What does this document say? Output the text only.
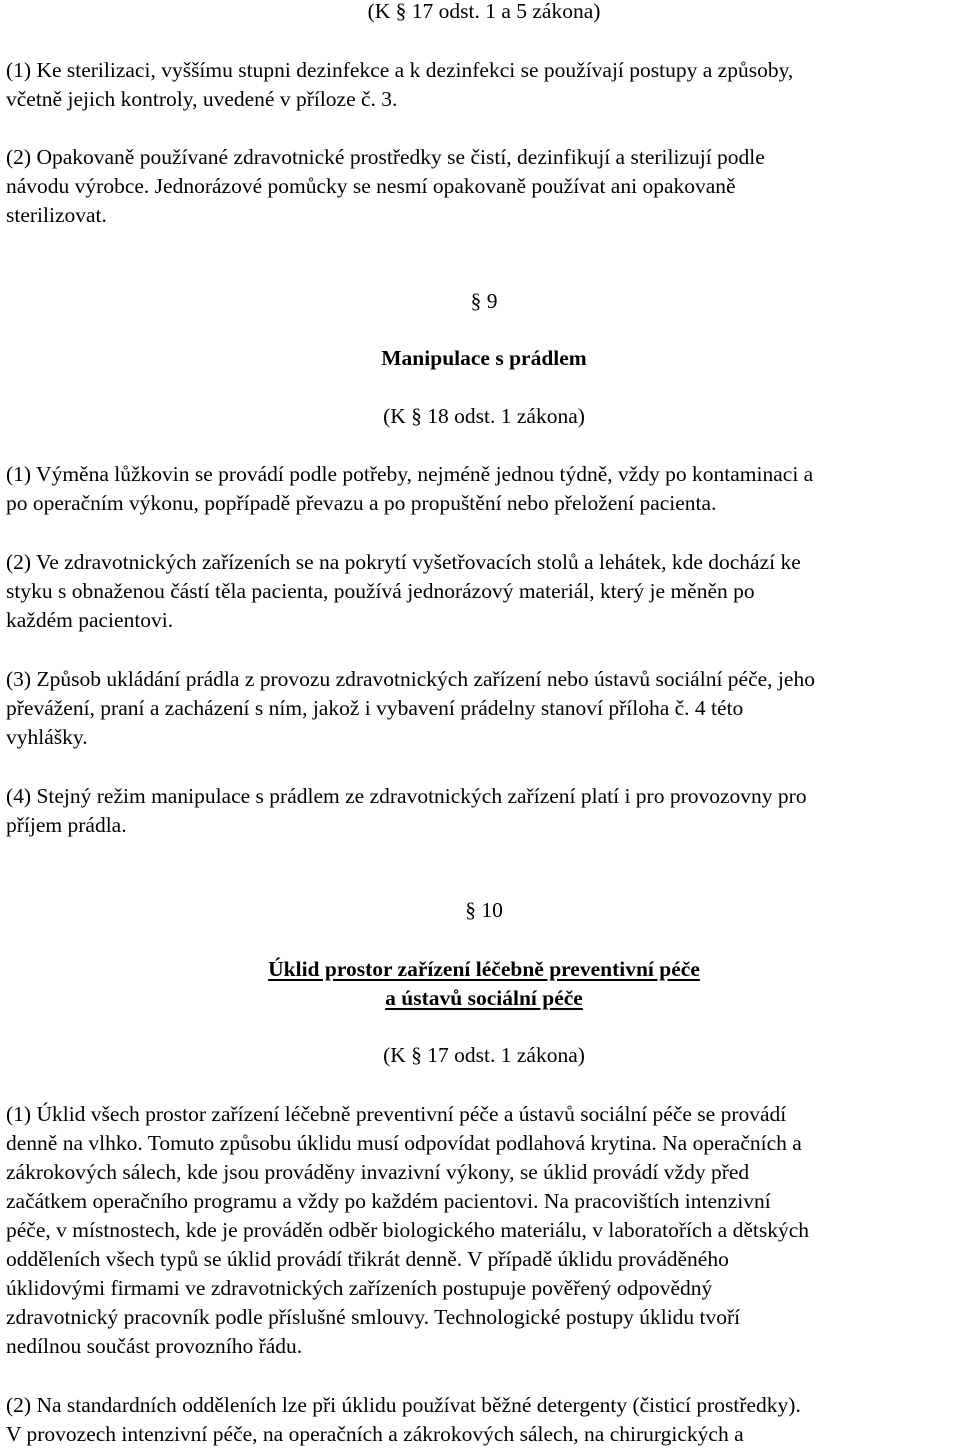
(K § 17 odst. 1 a 5 zákona)
(1) Ke sterilizaci, vyššímu stupni dezinfekce a k dezinfekci se používají postupy a způsoby,
včetně jejich kontroly, uvedené v příloze č. 3.
(2) Opakovaně používané zdravotnické prostředky se čistí, dezinfikují a sterilizují podle
návodu výrobce. Jednorázové pomůcky se nesmí opakovaně používat ani opakovaně
sterilizovat.
§ 9
Manipulace s prádlem
(K § 18 odst. 1 zákona)
(1) Výměna lůžkovin se provádí podle potřeby, nejméně jednou týdně, vždy po kontaminaci a
po operačním výkonu, popřípadě převazu a po propuštění nebo přeložení pacienta.
(2) Ve zdravotnických zařízeních se na pokrytí vyšetřovacích stolů a lehátek, kde dochází ke
styku s obnaženou částí těla pacienta, používá jednorázový materiál, který je měněn po
každém pacientovi.
(3) Způsob ukládání prádla z provozu zdravotnických zařízení nebo ústavů sociální péče, jeho
převážení, praní a zacházení s ním, jakož i vybavení prádelny stanoví příloha č. 4 této
vyhlášky.
(4) Stejný režim manipulace s prádlem ze zdravotnických zařízení platí i pro provozovny pro
příjem prádla.
§ 10
Úklid prostor zařízení léčebně preventivní péče
a ústavů sociální péče
(K § 17 odst. 1 zákona)
(1) Úklid všech prostor zařízení léčebně preventivní péče a ústavů sociální péče se provádí
denně na vlhko. Tomuto způsobu úklidu musí odpovídat podlahová krytina. Na operačních a
zákrokových sálech, kde jsou prováděny invazivní výkony, se úklid provádí vždy před
začátkem operačního programu a vždy po každém pacientovi. Na pracovištích intenzivní
péče, v místnostech, kde je prováděn odběr biologického materiálu, v laboratořích a dětských
odděleních všech typů se úklid provádí třikrát denně. V případě úklidu prováděného
úklidovými firmami ve zdravotnických zařízeních postupuje pověřený odpovědný
zdravotnický pracovník podle příslušné smlouvy. Technologické postupy úklidu tvoří
nedílnou součást provozního řádu.
(2) Na standardních odděleních lze při úklidu používat běžné detergenty (čisticí prostředky).
V provozech intenzivní péče, na operačních a zákrokových sálech, na chirurgických a
